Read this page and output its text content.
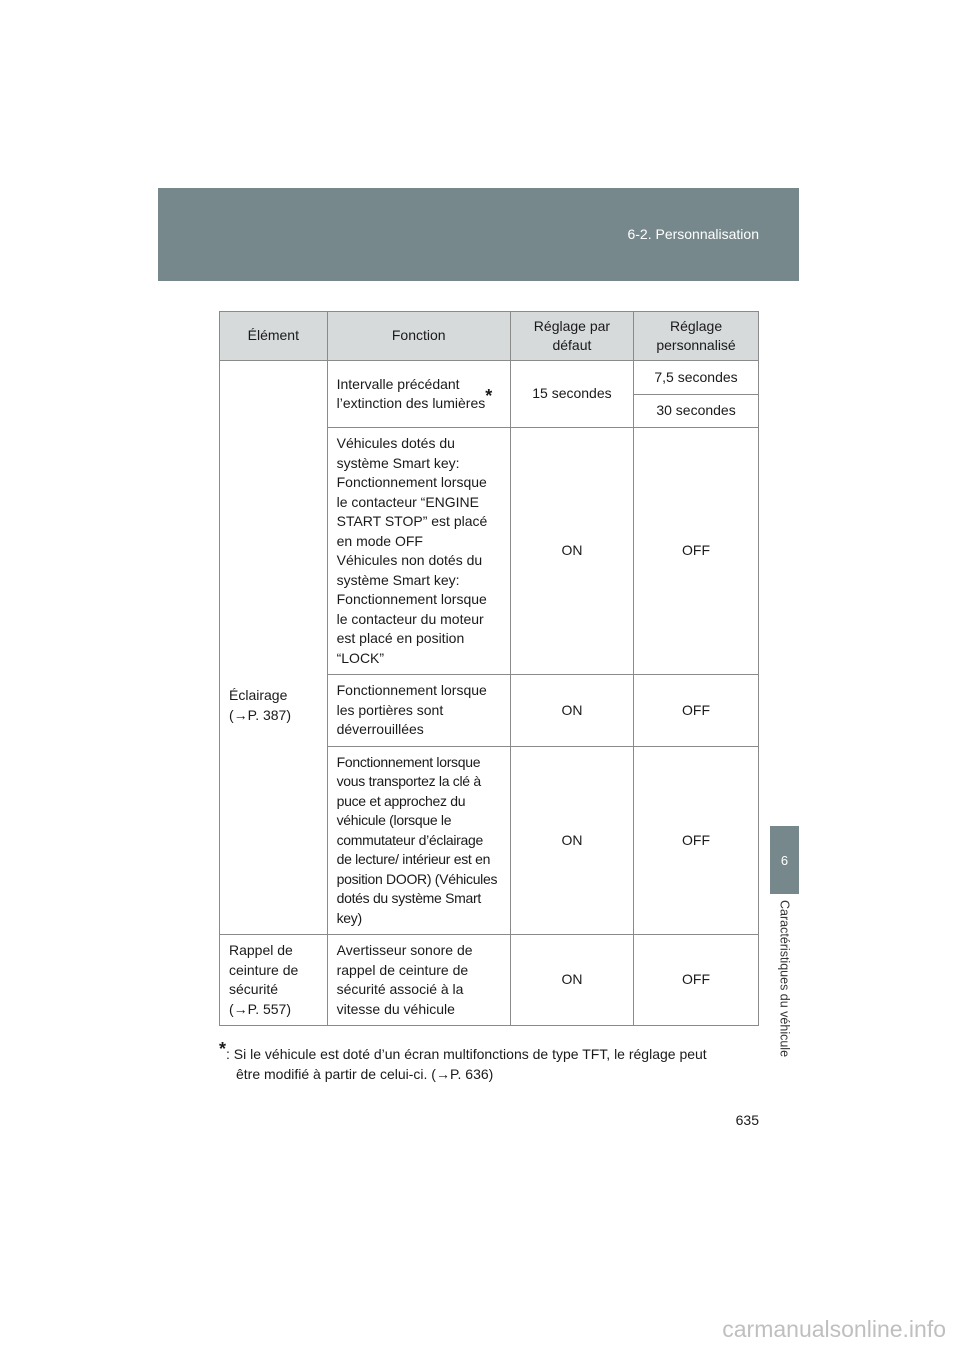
6-2. Personnalisation
6
Caractéristiques du véhicule
Élément	Fonction	Réglage par défaut	Réglage personnalisé

Éclairage
(→P. 387)	Intervalle précédant l’extinction des lumières*	15 secondes	7,5 secondes
			30 secondes

	Véhicules dotés du système Smart key:
Fonctionnement lorsque le contacteur “ENGINE START STOP” est placé en mode OFF
Véhicules non dotés du système Smart key:
Fonctionnement lorsque le contacteur du moteur est placé en position “LOCK”	ON	OFF
	Fonctionnement lorsque les portières sont déverrouillées	ON	OFF
	Fonctionnement lorsque vous transportez la clé à puce et approchez du véhicule (lorsque le commutateur d’éclairage de lecture/ intérieur est en position DOOR) (Véhicules dotés du système Smart key)	ON	OFF

Rappel de ceinture de sécurité
(→P. 557)	Avertisseur sonore de rappel de ceinture de sécurité associé à la vitesse du véhicule	ON	OFF
*: Si le véhicule est doté d’un écran multifonctions de type TFT, le réglage peut
être modifié à partir de celui-ci. (→P. 636)
635
carmanualsonline.info
